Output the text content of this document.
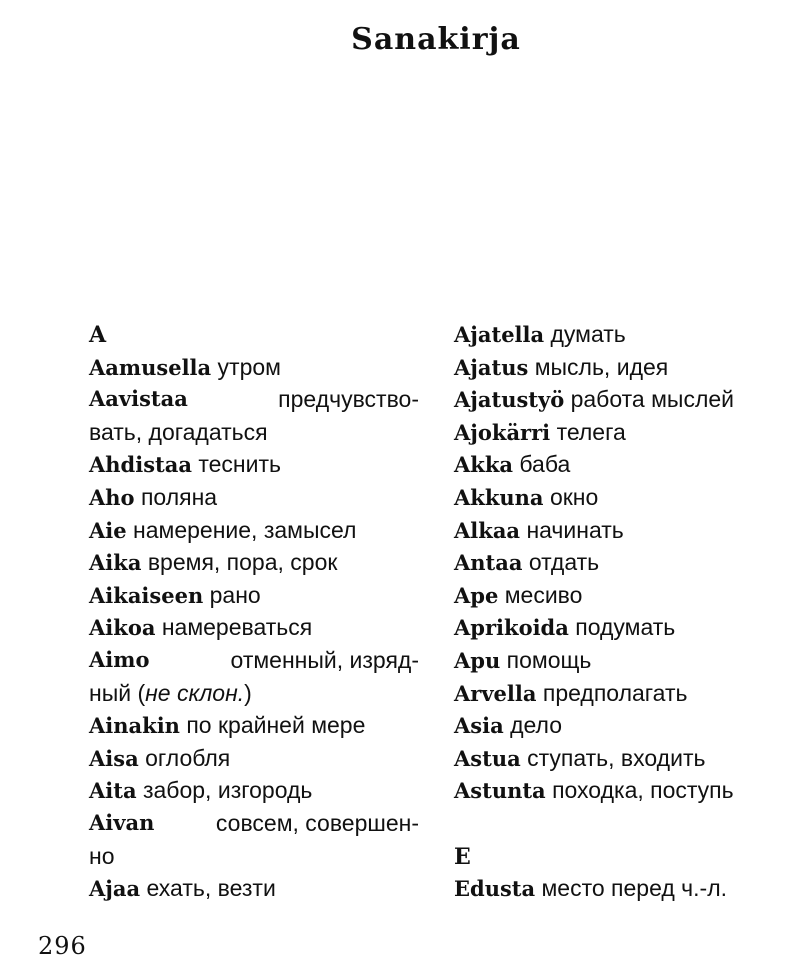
Sanakirja
A
Aamusella утром
Aavistaa	предчувство-
вать, догадаться
Ahdistaa теснить
Aho поляна
Aie намерение, замысел
Aika время, пора, срок
Aikaiseen рано
Aikoa намереваться
Aimo	отменный, изряд-
ный (не склон.)
Ainakin по крайней мере
Aisa оглобля
Aita забор, изгородь
Aivan	совсем, совершен-
но
Ajaa ехать, везти
Ajatella думать
Ajatus мысль, идея
Ajatustyö работа мыслей
Ajokärri телега
Akka баба
Akkuna окно
Alkaa начинать
Antaa отдать
Ape месиво
Aprikoida подумать
Apu помощь
Arvella предполагать
Asia дело
Astua ступать, входить
Astunta походка, поступь
E
Edusta место перед ч.-л.
296
